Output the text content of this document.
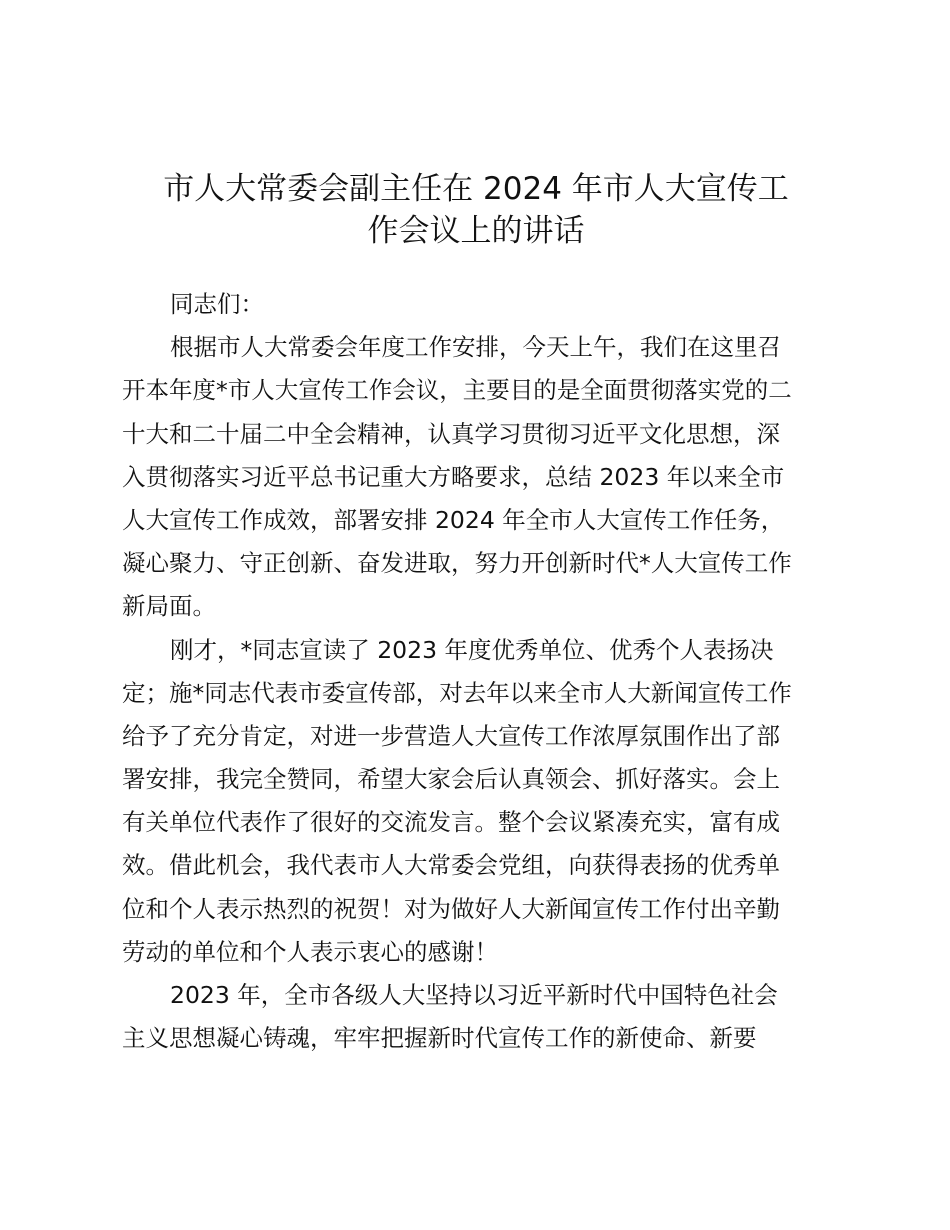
市人大常委会副主任在 2024 年市人大宣传工
作会议上的讲话
同志们：
根据市人大常委会年度工作安排，今天上午，我们在这里召
开本年度*市人大宣传工作会议，主要目的是全面贯彻落实党的二
十大和二十届二中全会精神，认真学习贯彻习近平文化思想，深
入贯彻落实习近平总书记重大方略要求，总结 2023 年以来全市
人大宣传工作成效，部署安排 2024 年全市人大宣传工作任务，
凝心聚力、守正创新、奋发进取，努力开创新时代*人大宣传工作
新局面。
刚才，*同志宣读了 2023 年度优秀单位、优秀个人表扬决
定；施*同志代表市委宣传部，对去年以来全市人大新闻宣传工作
给予了充分肯定，对进一步营造人大宣传工作浓厚氛围作出了部
署安排，我完全赞同，希望大家会后认真领会、抓好落实。会上
有关单位代表作了很好的交流发言。整个会议紧凑充实，富有成
效。借此机会，我代表市人大常委会党组，向获得表扬的优秀单
位和个人表示热烈的祝贺！对为做好人大新闻宣传工作付出辛勤
劳动的单位和个人表示衷心的感谢！
2023 年，全市各级人大坚持以习近平新时代中国特色社会
主义思想凝心铸魂，牢牢把握新时代宣传工作的新使命、新要
